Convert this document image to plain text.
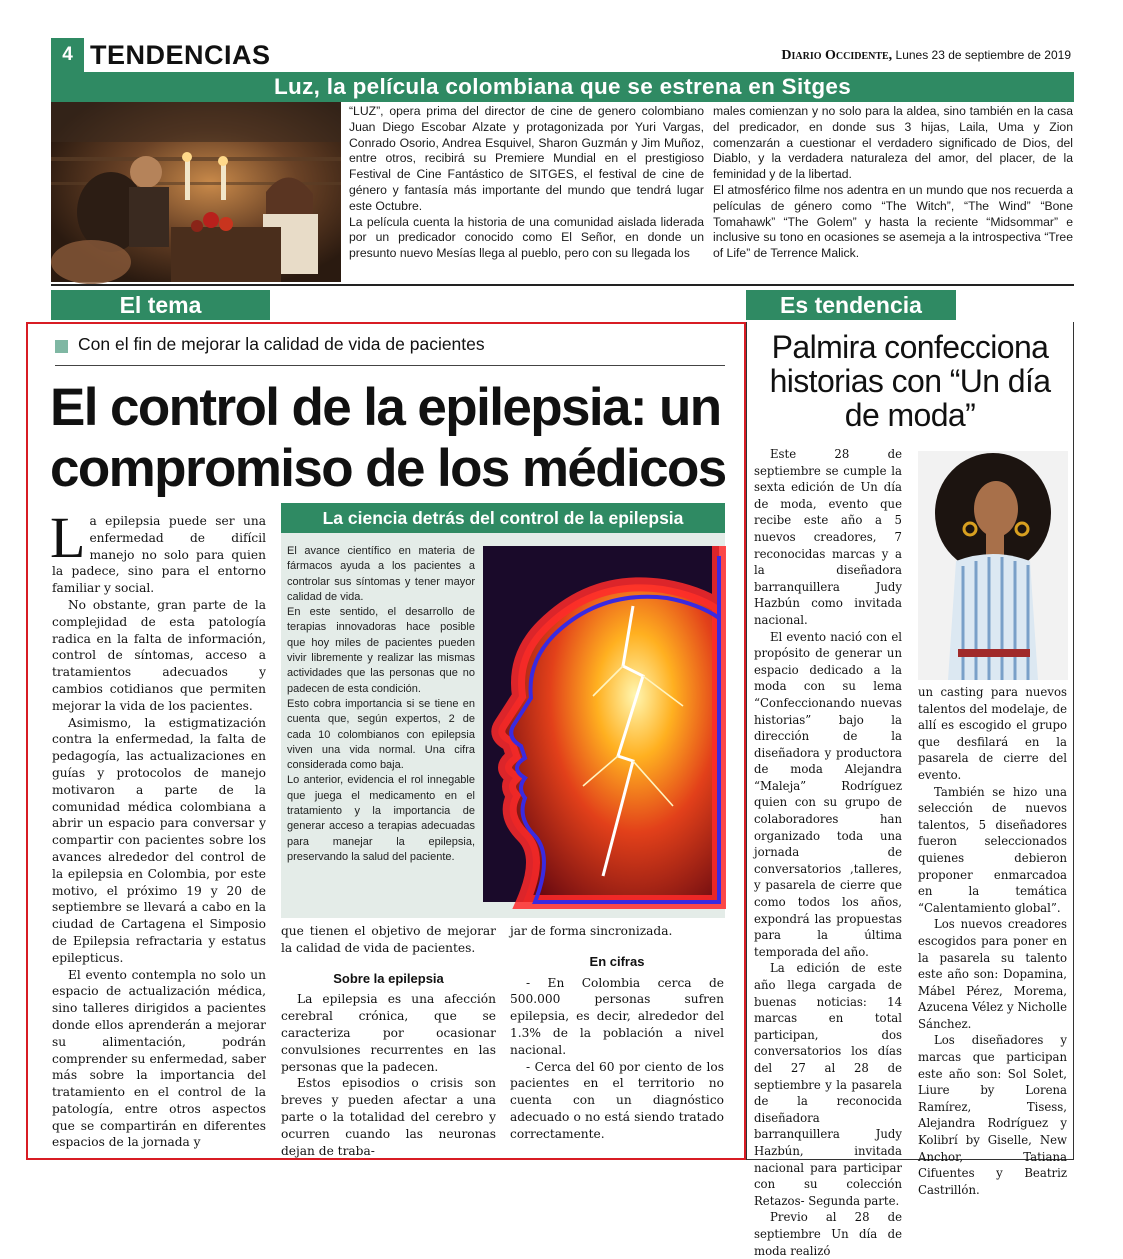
4 TENDENCIAS	Diario Occidente, Lunes 23 de septiembre de 2019
Luz, la película colombiana que se estrena en Sitges

“LUZ”, opera prima del director de cine de genero colombiano Juan Diego Escobar Alzate y protagonizada por Yuri Vargas, Conrado Osorio, Andrea Esquivel, Sharon Guzmán y Jim Muñoz, entre otros, recibirá su Premiere Mundial en el prestigioso Festival de Cine Fantástico de SITGES, el festival de cine de género y fantasía más importante del mundo que tendrá lugar este Octubre.

La película cuenta la historia de una comunidad aislada liderada por un predicador conocido como El Señor, en donde un presunto nuevo Mesías llega al pueblo, pero con su llegada los

males comienzan y no solo para la aldea, sino también en la casa del predicador, en donde sus 3 hijas, Laila, Uma y Zion comenzarán a cuestionar el verdadero significado de Dios, del Diablo, y la verdadera naturaleza del amor, del placer, de la feminidad y de la libertad.

El atmosférico filme nos adentra en un mundo que nos recuerda a películas de género como “The Witch”, “The Wind” “Bone Tomahawk” “The Golem” y hasta la reciente “Midsommar” e inclusive su tono en ocasiones se asemeja a la introspectiva “Tree of Life” de Terrence Malick.

El tema	Es tendencia
Con el fin de mejorar la calidad de vida de pacientes
El control de la epilepsia: un compromiso de los médicos

La epilepsia puede ser una enfermedad de difícil manejo no solo para quien la padece, sino para el entorno familiar y social.

No obstante, gran parte de la complejidad de esta patología radica en la falta de información, control de síntomas, acceso a tratamientos adecuados y cambios cotidianos que permiten mejorar la vida de los pacientes.

Asimismo, la estigmatización contra la enfermedad, la falta de pedagogía, las actualizaciones en guías y protocolos de manejo motivaron a parte de la comunidad médica colombiana a abrir un espacio para conversar y compartir con pacientes sobre los avances alrededor del control de la epilepsia en Colombia, por este motivo, el próximo 19 y 20 de septiembre se llevará a cabo en la ciudad de Cartagena el Simposio de Epilepsia refractaria y estatus epilepticus.

El evento contempla no solo un espacio de actualización médica, sino talleres dirigidos a pacientes donde ellos aprenderán a mejorar su alimentación, podrán comprender su enfermedad, saber más sobre la importancia del tratamiento en el control de la patología, entre otros aspectos que se compartirán en diferentes espacios de la jornada y

que tienen el objetivo de mejorar la calidad de vida de pacientes.

Sobre la epilepsia

La epilepsia es una afección cerebral crónica, que se caracteriza por ocasionar convulsiones recurrentes en las personas que la padecen.

Estos episodios o crisis son breves y pueden afectar a una parte o la totalidad del cerebro y ocurren cuando las neuronas dejan de traba-

jar de forma sincronizada.

En cifras

- En Colombia cerca de 500.000 personas sufren epilepsia, es decir, alrededor del 1.3% de la población a nivel nacional.

- Cerca del 60 por ciento de los pacientes en el territorio no cuenta con un diagnóstico adecuado o no está siendo tratado correctamente.

La ciencia detrás del control de la epilepsia

El avance científico en materia de fármacos ayuda a los pacientes a controlar sus síntomas y tener mayor calidad de vida.

En este sentido, el desarrollo de terapias innovadoras hace posible que hoy miles de pacientes pueden vivir libremente y realizar las mismas actividades que las personas que no padecen de esta condición.

Esto cobra importancia si se tiene en cuenta que, según expertos, 2 de cada 10 colombianos con epilepsia viven una vida normal. Una cifra considerada como baja.

Lo anterior, evidencia el rol innegable que juega el medicamento en el tratamiento y la importancia de generar acceso a terapias adecuadas para manejar la epilepsia, preservando la salud del paciente.

Palmira confecciona historias con “Un día de moda”

Este 28 de septiembre se cumple la sexta edición de Un día de moda, evento que recibe este año a 5 nuevos creadores, 7 reconocidas marcas y a la diseñadora barranquillera Judy Hazbún como invitada nacional.

El evento nació con el propósito de generar un espacio dedicado a la moda con su lema “Confeccionando nuevas historias” bajo la dirección de la diseñadora y productora de moda Alejandra “Maleja” Rodríguez quien con su grupo de colaboradores han organizado toda una jornada de conversatorios ,talleres, y pasarela de cierre que como todos los años, expondrá las propuestas para la última temporada del año.

La edición de este año llega cargada de buenas noticias: 14 marcas en total participan, dos conversatorios los días del 27 al 28 de septiembre y la pasarela de la reconocida diseñadora barranquillera Judy Hazbún, invitada nacional para participar con su colección Retazos- Segunda parte.

Previo al 28 de septiembre Un día de moda realizó

un casting para nuevos talentos del modelaje, de allí es escogido el grupo que desfilará en la pasarela de cierre del evento.

También se hizo una selección de nuevos talentos, 5 diseñadores fueron seleccionados quienes debieron proponer enmarcadoa en la temática “Calentamiento global”.

Los nuevos creadores escogidos para poner en la pasarela su talento este año son: Dopamina, Mábel Pérez, Morema, Azucena Vélez y Nicholle Sánchez.

Los diseñadores y marcas que participan este año son: Sol Solet, Liure by Lorena Ramírez, Tisess, Alejandra Rodríguez y Kolibrí by Giselle, New Anchor, Tatiana Cifuentes y Beatriz Castrillón.
